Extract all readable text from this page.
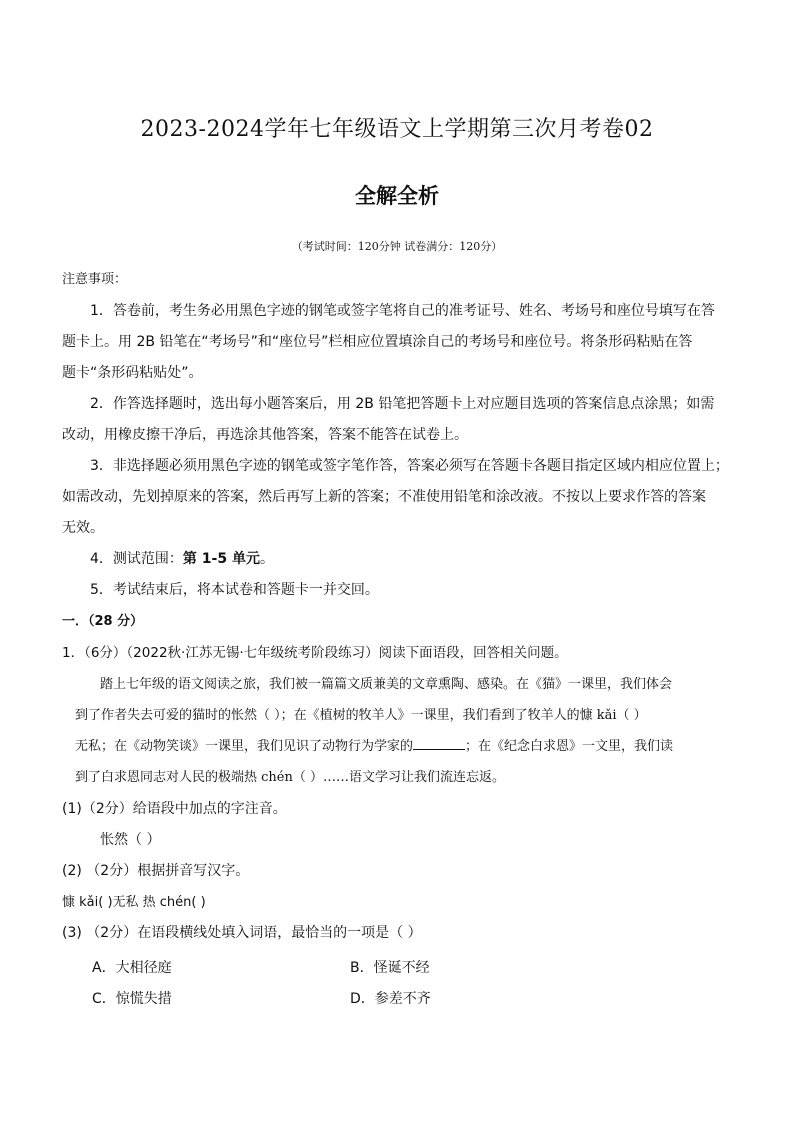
2023-2024学年七年级语文上学期第三次月考卷02
全解全析
（考试时间：120分钟 试卷满分：120分）
注意事项：
1．答卷前，考生务必用黑色字迹的钢笔或签字笔将自己的准考证号、姓名、考场号和座位号填写在答
题卡上。用 2B 铅笔在“考场号”和“座位号”栏相应位置填涂自己的考场号和座位号。将条形码粘贴在答
题卡“条形码粘贴处”。
2．作答选择题时，选出每小题答案后，用 2B 铅笔把答题卡上对应题目选项的答案信息点涂黑；如需
改动，用橡皮擦干净后，再选涂其他答案，答案不能答在试卷上。
3．非选择题必须用黑色字迹的钢笔或签字笔作答，答案必须写在答题卡各题目指定区域内相应位置上；
如需改动，先划掉原来的答案，然后再写上新的答案；不准使用铅笔和涂改液。不按以上要求作答的答案
无效。
4．测试范围：第 1-5 单元。
5．考试结束后，将本试卷和答题卡一并交回。
一．（28 分）
1．（6分）（2022秋·江苏无锡·七年级统考阶段练习）阅读下面语段，回答相关问题。
踏上七年级的语文阅读之旅，我们被一篇篇文质兼美的文章熏陶、感染。在《猫》一课里，我们体会
到了作者失去可爱的猫时的怅然（ ）；在《植树的牧羊人》一课里，我们看到了牧羊人的慷 kǎi（ ）
无私；在《动物笑谈》一课里，我们见识了动物行为学家的	；在《纪念白求恩》一文里，我们读
到了白求恩同志对人民的极端热 chén（ ）……语文学习让我们流连忘返。
(1)（2分）给语段中加点的字注音。
怅然（ ）
(2) （2分）根据拼音写汉字。
慷 kǎi( )无私 热 chén( )
(3) （2分）在语段横线处填入词语，最恰当的一项是（ ）
A．大相径庭	B．怪诞不经
C．惊慌失措	D．参差不齐
